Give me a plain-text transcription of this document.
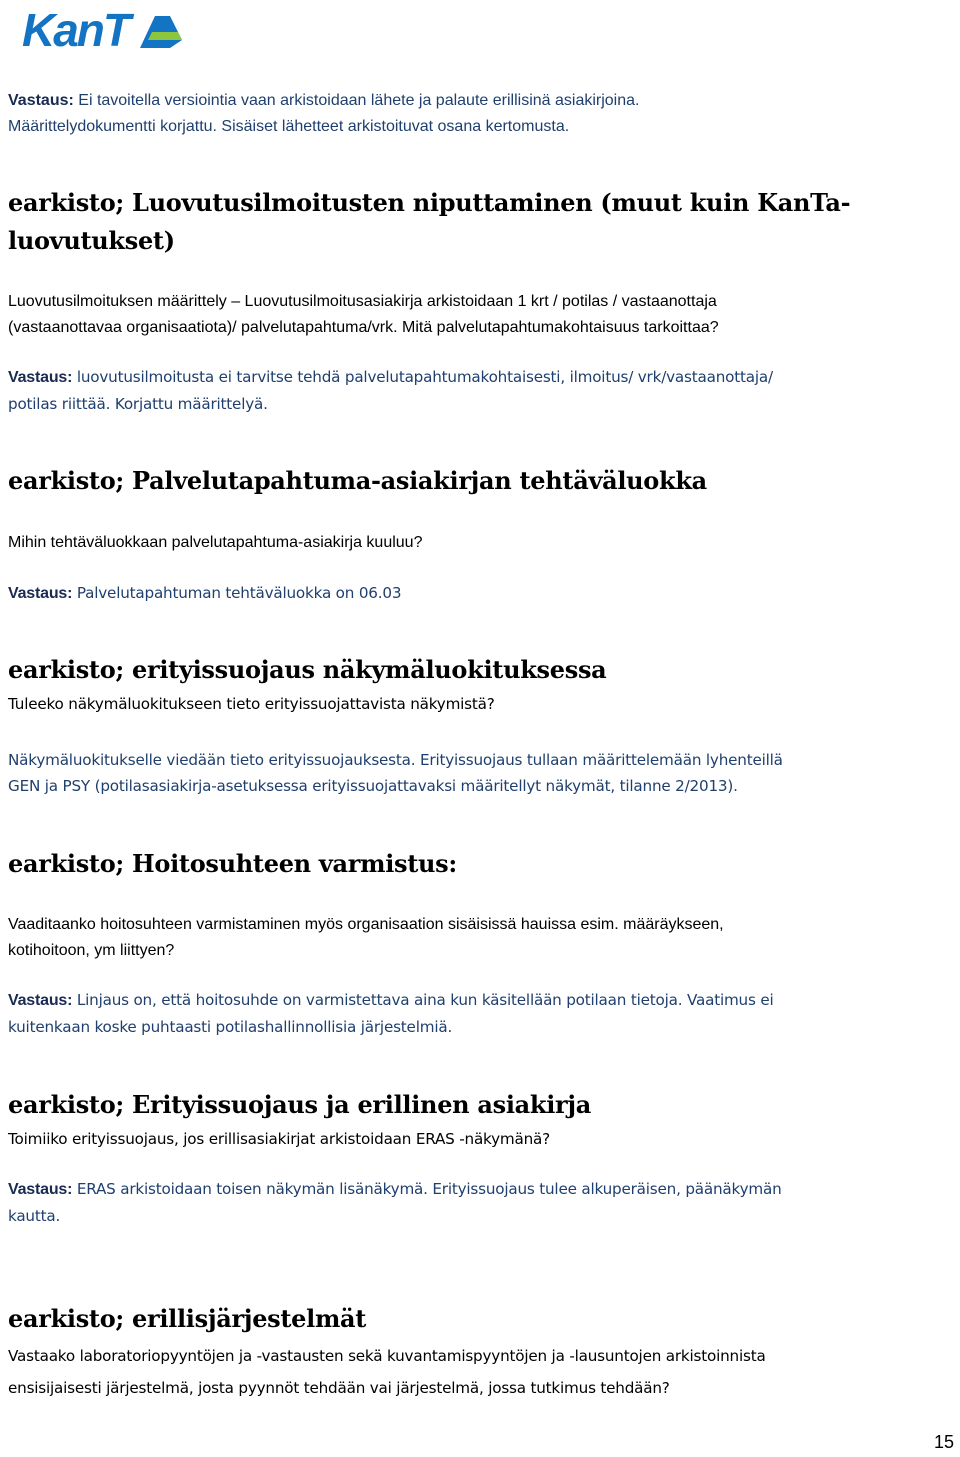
KanT

Vastaus: Ei tavoitella versiointia vaan arkistoidaan lähete ja palaute erillisinä asiakirjoina.

Määrittelydokumentti korjattu. Sisäiset lähetteet arkistoituvat osana kertomusta.

earkisto; Luovutusilmoitusten niputtaminen (muut kuin KanTa-

luovutukset)

Luovutusilmoituksen määrittely – Luovutusilmoitusasiakirja arkistoidaan 1 krt / potilas / vastaanottaja

(vastaanottavaa organisaatiota)/ palvelutapahtuma/vrk. Mitä palvelutapahtumakohtaisuus tarkoittaa?

Vastaus: luovutusilmoitusta ei tarvitse tehdä palvelutapahtumakohtaisesti, ilmoitus/ vrk/vastaanottaja/

potilas riittää. Korjattu määrittelyä.

earkisto; Palvelutapahtuma-asiakirjan tehtäväluokka

Mihin tehtäväluokkaan palvelutapahtuma-asiakirja kuuluu?

Vastaus: Palvelutapahtuman tehtäväluokka on 06.03

earkisto; erityissuojaus näkymäluokituksessa

Tuleeko näkymäluokitukseen tieto erityissuojattavista näkymistä?

Näkymäluokitukselle viedään tieto erityissuojauksesta. Erityissuojaus tullaan määrittelemään lyhenteillä

GEN ja PSY (potilasasiakirja-asetuksessa erityissuojattavaksi määritellyt näkymät, tilanne 2/2013).

earkisto; Hoitosuhteen varmistus:

Vaaditaanko hoitosuhteen varmistaminen myös organisaation sisäisissä hauissa esim. määräykseen,

kotihoitoon, ym liittyen?

Vastaus: Linjaus on, että hoitosuhde on varmistettava aina kun käsitellään potilaan tietoja. Vaatimus ei

kuitenkaan koske puhtaasti potilashallinnollisia järjestelmiä.

earkisto; Erityissuojaus ja erillinen asiakirja

Toimiiko erityissuojaus, jos erillisasiakirjat arkistoidaan ERAS -näkymänä?

Vastaus: ERAS arkistoidaan toisen näkymän lisänäkymä. Erityissuojaus tulee alkuperäisen, päänäkymän

kautta.

earkisto; erillisjärjestelmät

Vastaako laboratoriopyyntöjen ja -vastausten sekä kuvantamispyyntöjen ja -lausuntojen arkistoinnista

ensisijaisesti järjestelmä, josta pyynnöt tehdään vai järjestelmä, jossa tutkimus tehdään?

15
